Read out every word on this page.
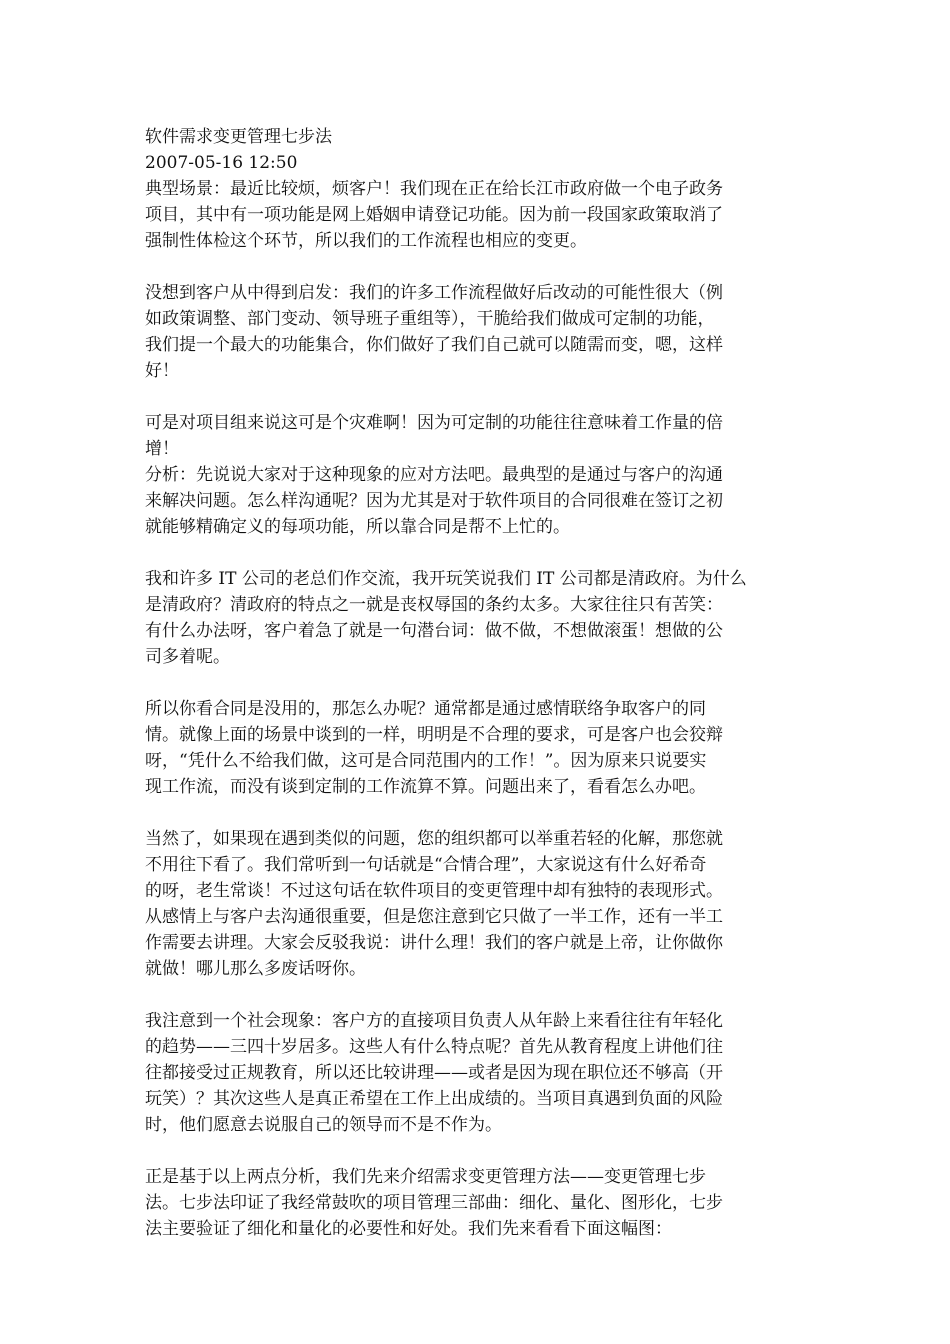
软件需求变更管理七步法
2007-05-16 12:50
典型场景：最近比较烦，烦客户！我们现在正在给长江市政府做一个电子政务
项目，其中有一项功能是网上婚姻申请登记功能。因为前一段国家政策取消了
强制性体检这个环节，所以我们的工作流程也相应的变更。
没想到客户从中得到启发：我们的许多工作流程做好后改动的可能性很大（例
如政策调整、部门变动、领导班子重组等），干脆给我们做成可定制的功能，
我们提一个最大的功能集合，你们做好了我们自己就可以随需而变，嗯，这样
好！
可是对项目组来说这可是个灾难啊！因为可定制的功能往往意味着工作量的倍
增！
分析：先说说大家对于这种现象的应对方法吧。最典型的是通过与客户的沟通
来解决问题。怎么样沟通呢？因为尤其是对于软件项目的合同很难在签订之初
就能够精确定义的每项功能，所以靠合同是帮不上忙的。
我和许多 IT 公司的老总们作交流，我开玩笑说我们 IT 公司都是清政府。为什么
是清政府？清政府的特点之一就是丧权辱国的条约太多。大家往往只有苦笑：
有什么办法呀，客户着急了就是一句潜台词：做不做，不想做滚蛋！想做的公
司多着呢。
所以你看合同是没用的，那怎么办呢？通常都是通过感情联络争取客户的同
情。就像上面的场景中谈到的一样，明明是不合理的要求，可是客户也会狡辩
呀，“凭什么不给我们做，这可是合同范围内的工作！”。因为原来只说要实
现工作流，而没有谈到定制的工作流算不算。问题出来了，看看怎么办吧。
当然了，如果现在遇到类似的问题，您的组织都可以举重若轻的化解，那您就
不用往下看了。我们常听到一句话就是“合情合理”，大家说这有什么好希奇
的呀，老生常谈！不过这句话在软件项目的变更管理中却有独特的表现形式。
从感情上与客户去沟通很重要，但是您注意到它只做了一半工作，还有一半工
作需要去讲理。大家会反驳我说：讲什么理！我们的客户就是上帝，让你做你
就做！哪儿那么多废话呀你。
我注意到一个社会现象：客户方的直接项目负责人从年龄上来看往往有年轻化
的趋势——三四十岁居多。这些人有什么特点呢？首先从教育程度上讲他们往
往都接受过正规教育，所以还比较讲理——或者是因为现在职位还不够高（开
玩笑）？其次这些人是真正希望在工作上出成绩的。当项目真遇到负面的风险
时，他们愿意去说服自己的领导而不是不作为。
正是基于以上两点分析，我们先来介绍需求变更管理方法——变更管理七步
法。七步法印证了我经常鼓吹的项目管理三部曲：细化、量化、图形化，七步
法主要验证了细化和量化的必要性和好处。我们先来看看下面这幅图：
